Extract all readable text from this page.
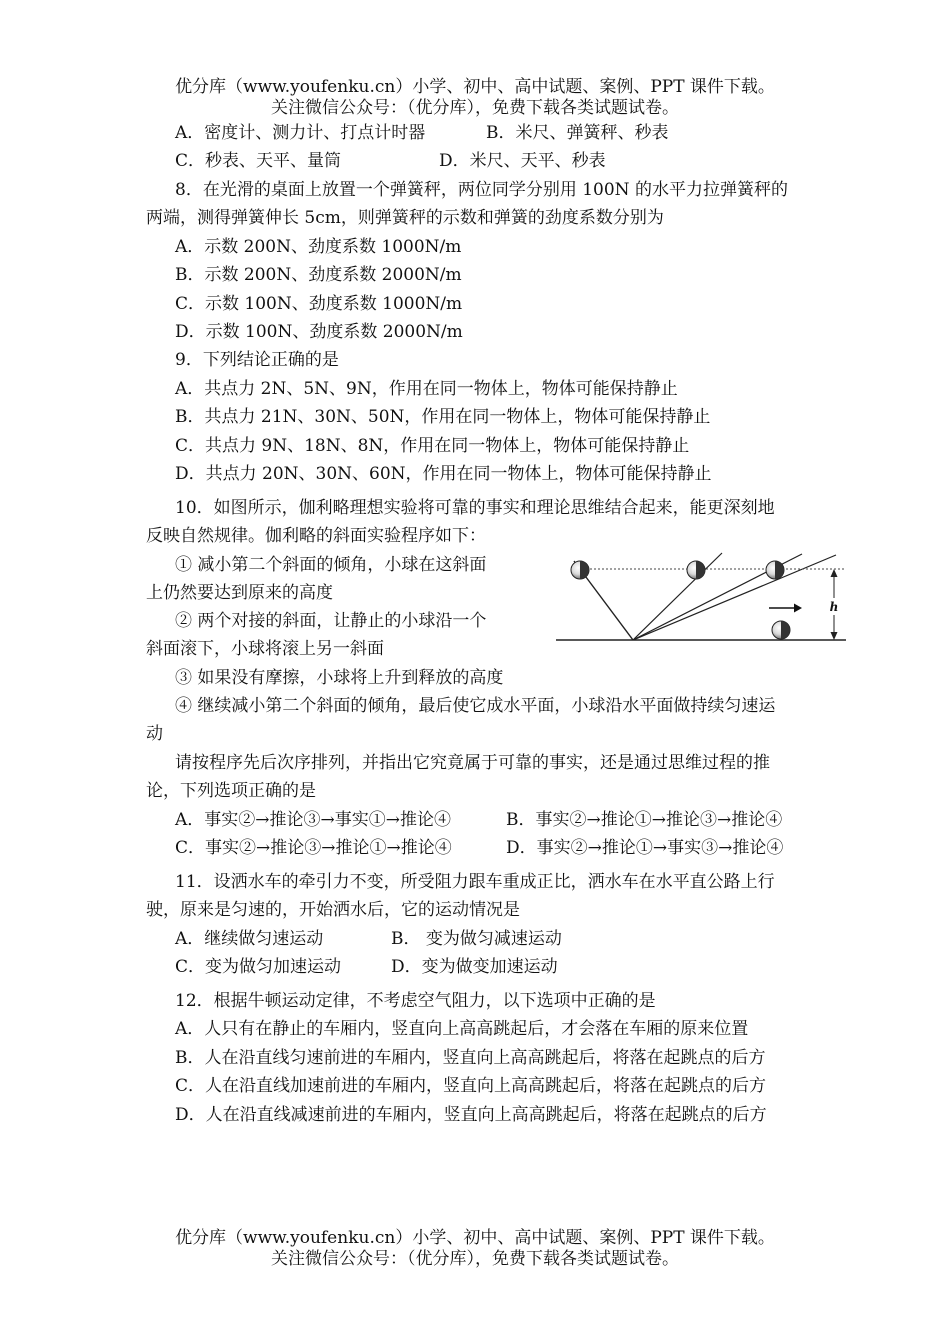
优分库（www.youfenku.cn）小学、初中、高中试题、案例、PPT 课件下载。
关注微信公众号：（优分库），免费下载各类试题试卷。
A．密度计、测力计、打点计时器	B．米尺、弹簧秤、秒表
C．秒表、天平、量筒	D．米尺、天平、秒表
8．在光滑的桌面上放置一个弹簧秤，两位同学分别用 100N 的水平力拉弹簧秤的
两端，测得弹簧伸长 5cm，则弹簧秤的示数和弹簧的劲度系数分别为
A．示数 200N、劲度系数 1000N/m
B．示数 200N、劲度系数 2000N/m
C．示数 100N、劲度系数 1000N/m
D．示数 100N、劲度系数 2000N/m
9．下列结论正确的是
A．共点力 2N、5N、9N，作用在同一物体上，物体可能保持静止
B．共点力 21N、30N、50N，作用在同一物体上，物体可能保持静止
C．共点力 9N、18N、8N，作用在同一物体上，物体可能保持静止
D．共点力 20N、30N、60N，作用在同一物体上，物体可能保持静止
10．如图所示，伽利略理想实验将可靠的事实和理论思维结合起来，能更深刻地
反映自然规律。伽利略的斜面实验程序如下：
① 减小第二个斜面的倾角，小球在这斜面
上仍然要达到原来的高度
② 两个对接的斜面，让静止的小球沿一个
斜面滚下，小球将滚上另一斜面
③ 如果没有摩擦，小球将上升到释放的高度
④ 继续减小第二个斜面的倾角，最后使它成水平面，小球沿水平面做持续匀速运
动
请按程序先后次序排列，并指出它究竟属于可靠的事实，还是通过思维过程的推
论，下列选项正确的是
A．事实②→推论③→事实①→推论④	B．事实②→推论①→推论③→推论④
C．事实②→推论③→推论①→推论④	D．事实②→推论①→事实③→推论④
h
11．设洒水车的牵引力不变，所受阻力跟车重成正比，洒水车在水平直公路上行
驶，原来是匀速的，开始洒水后，它的运动情况是
A．继续做匀速运动	B． 变为做匀减速运动
C．变为做匀加速运动	D．变为做变加速运动
12．根据牛顿运动定律，不考虑空气阻力，以下选项中正确的是
A．人只有在静止的车厢内，竖直向上高高跳起后，才会落在车厢的原来位置
B．人在沿直线匀速前进的车厢内，竖直向上高高跳起后，将落在起跳点的后方
C．人在沿直线加速前进的车厢内，竖直向上高高跳起后，将落在起跳点的后方
D．人在沿直线减速前进的车厢内，竖直向上高高跳起后，将落在起跳点的后方
优分库（www.youfenku.cn）小学、初中、高中试题、案例、PPT 课件下载。
关注微信公众号：（优分库），免费下载各类试题试卷。
